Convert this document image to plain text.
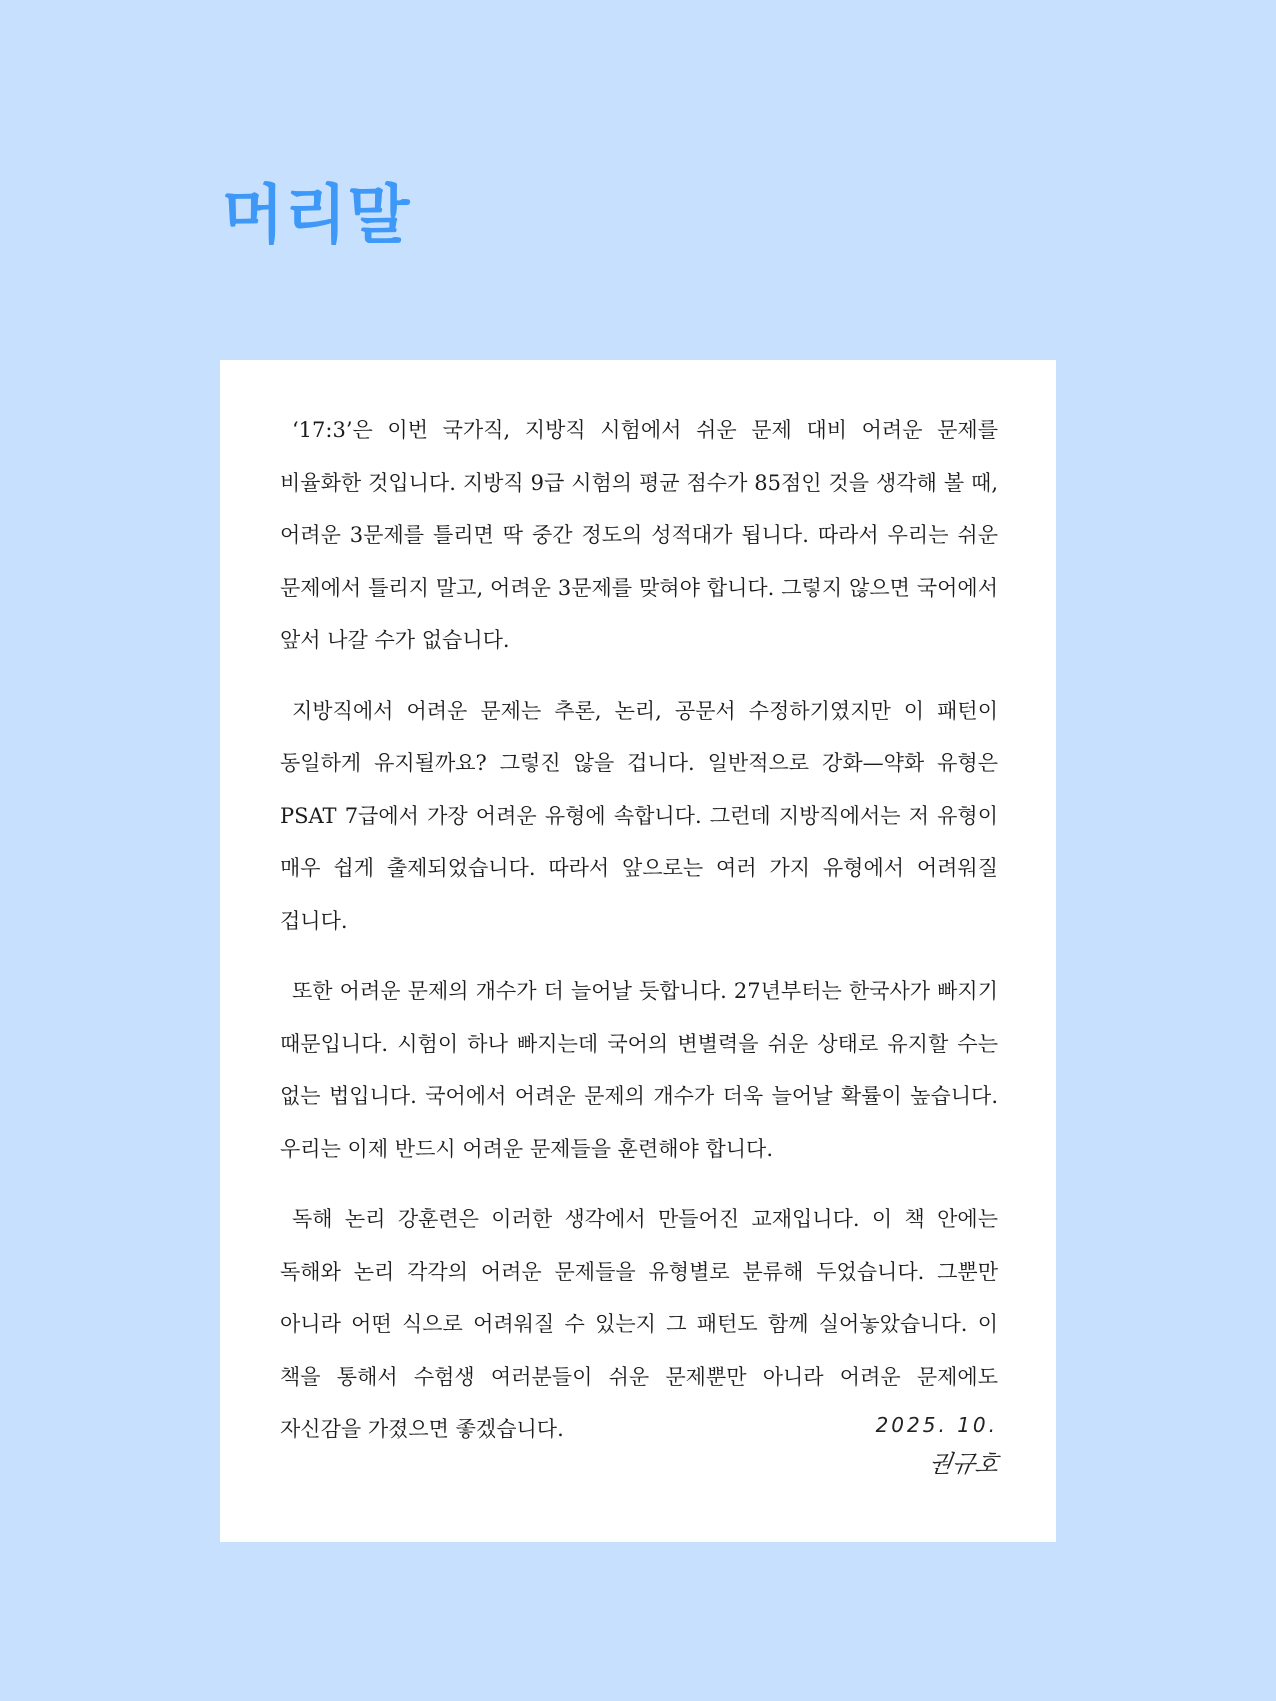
머리말

‘17:3’은 이번 국가직, 지방직 시험에서 쉬운 문제 대비 어려운 문제를 비율화한 것입니다. 지방직 9급 시험의 평균 점수가 85점인 것을 생각해 볼 때, 어려운 3문제를 틀리면 딱 중간 정도의 성적대가 됩니다. 따라서 우리는 쉬운 문제에서 틀리지 말고, 어려운 3문제를 맞혀야 합니다. 그렇지 않으면 국어에서 앞서 나갈 수가 없습니다.

지방직에서 어려운 문제는 추론, 논리, 공문서 수정하기였지만 이 패턴이 동일하게 유지될까요? 그렇진 않을 겁니다. 일반적으로 강화—약화 유형은 PSAT 7급에서 가장 어려운 유형에 속합니다. 그런데 지방직에서는 저 유형이 매우 쉽게 출제되었습니다. 따라서 앞으로는 여러 가지 유형에서 어려워질 겁니다.

또한 어려운 문제의 개수가 더 늘어날 듯합니다. 27년부터는 한국사가 빠지기 때문입니다. 시험이 하나 빠지는데 국어의 변별력을 쉬운 상태로 유지할 수는 없는 법입니다. 국어에서 어려운 문제의 개수가 더욱 늘어날 확률이 높습니다. 우리는 이제 반드시 어려운 문제들을 훈련해야 합니다.

독해 논리 강훈련은 이러한 생각에서 만들어진 교재입니다. 이 책 안에는 독해와 논리 각각의 어려운 문제들을 유형별로 분류해 두었습니다. 그뿐만 아니라 어떤 식으로 어려워질 수 있는지 그 패턴도 함께 실어놓았습니다. 이 책을 통해서 수험생 여러분들이 쉬운 문제뿐만 아니라 어려운 문제에도 자신감을 가졌으면 좋겠습니다.	2025. 10.
권규호
